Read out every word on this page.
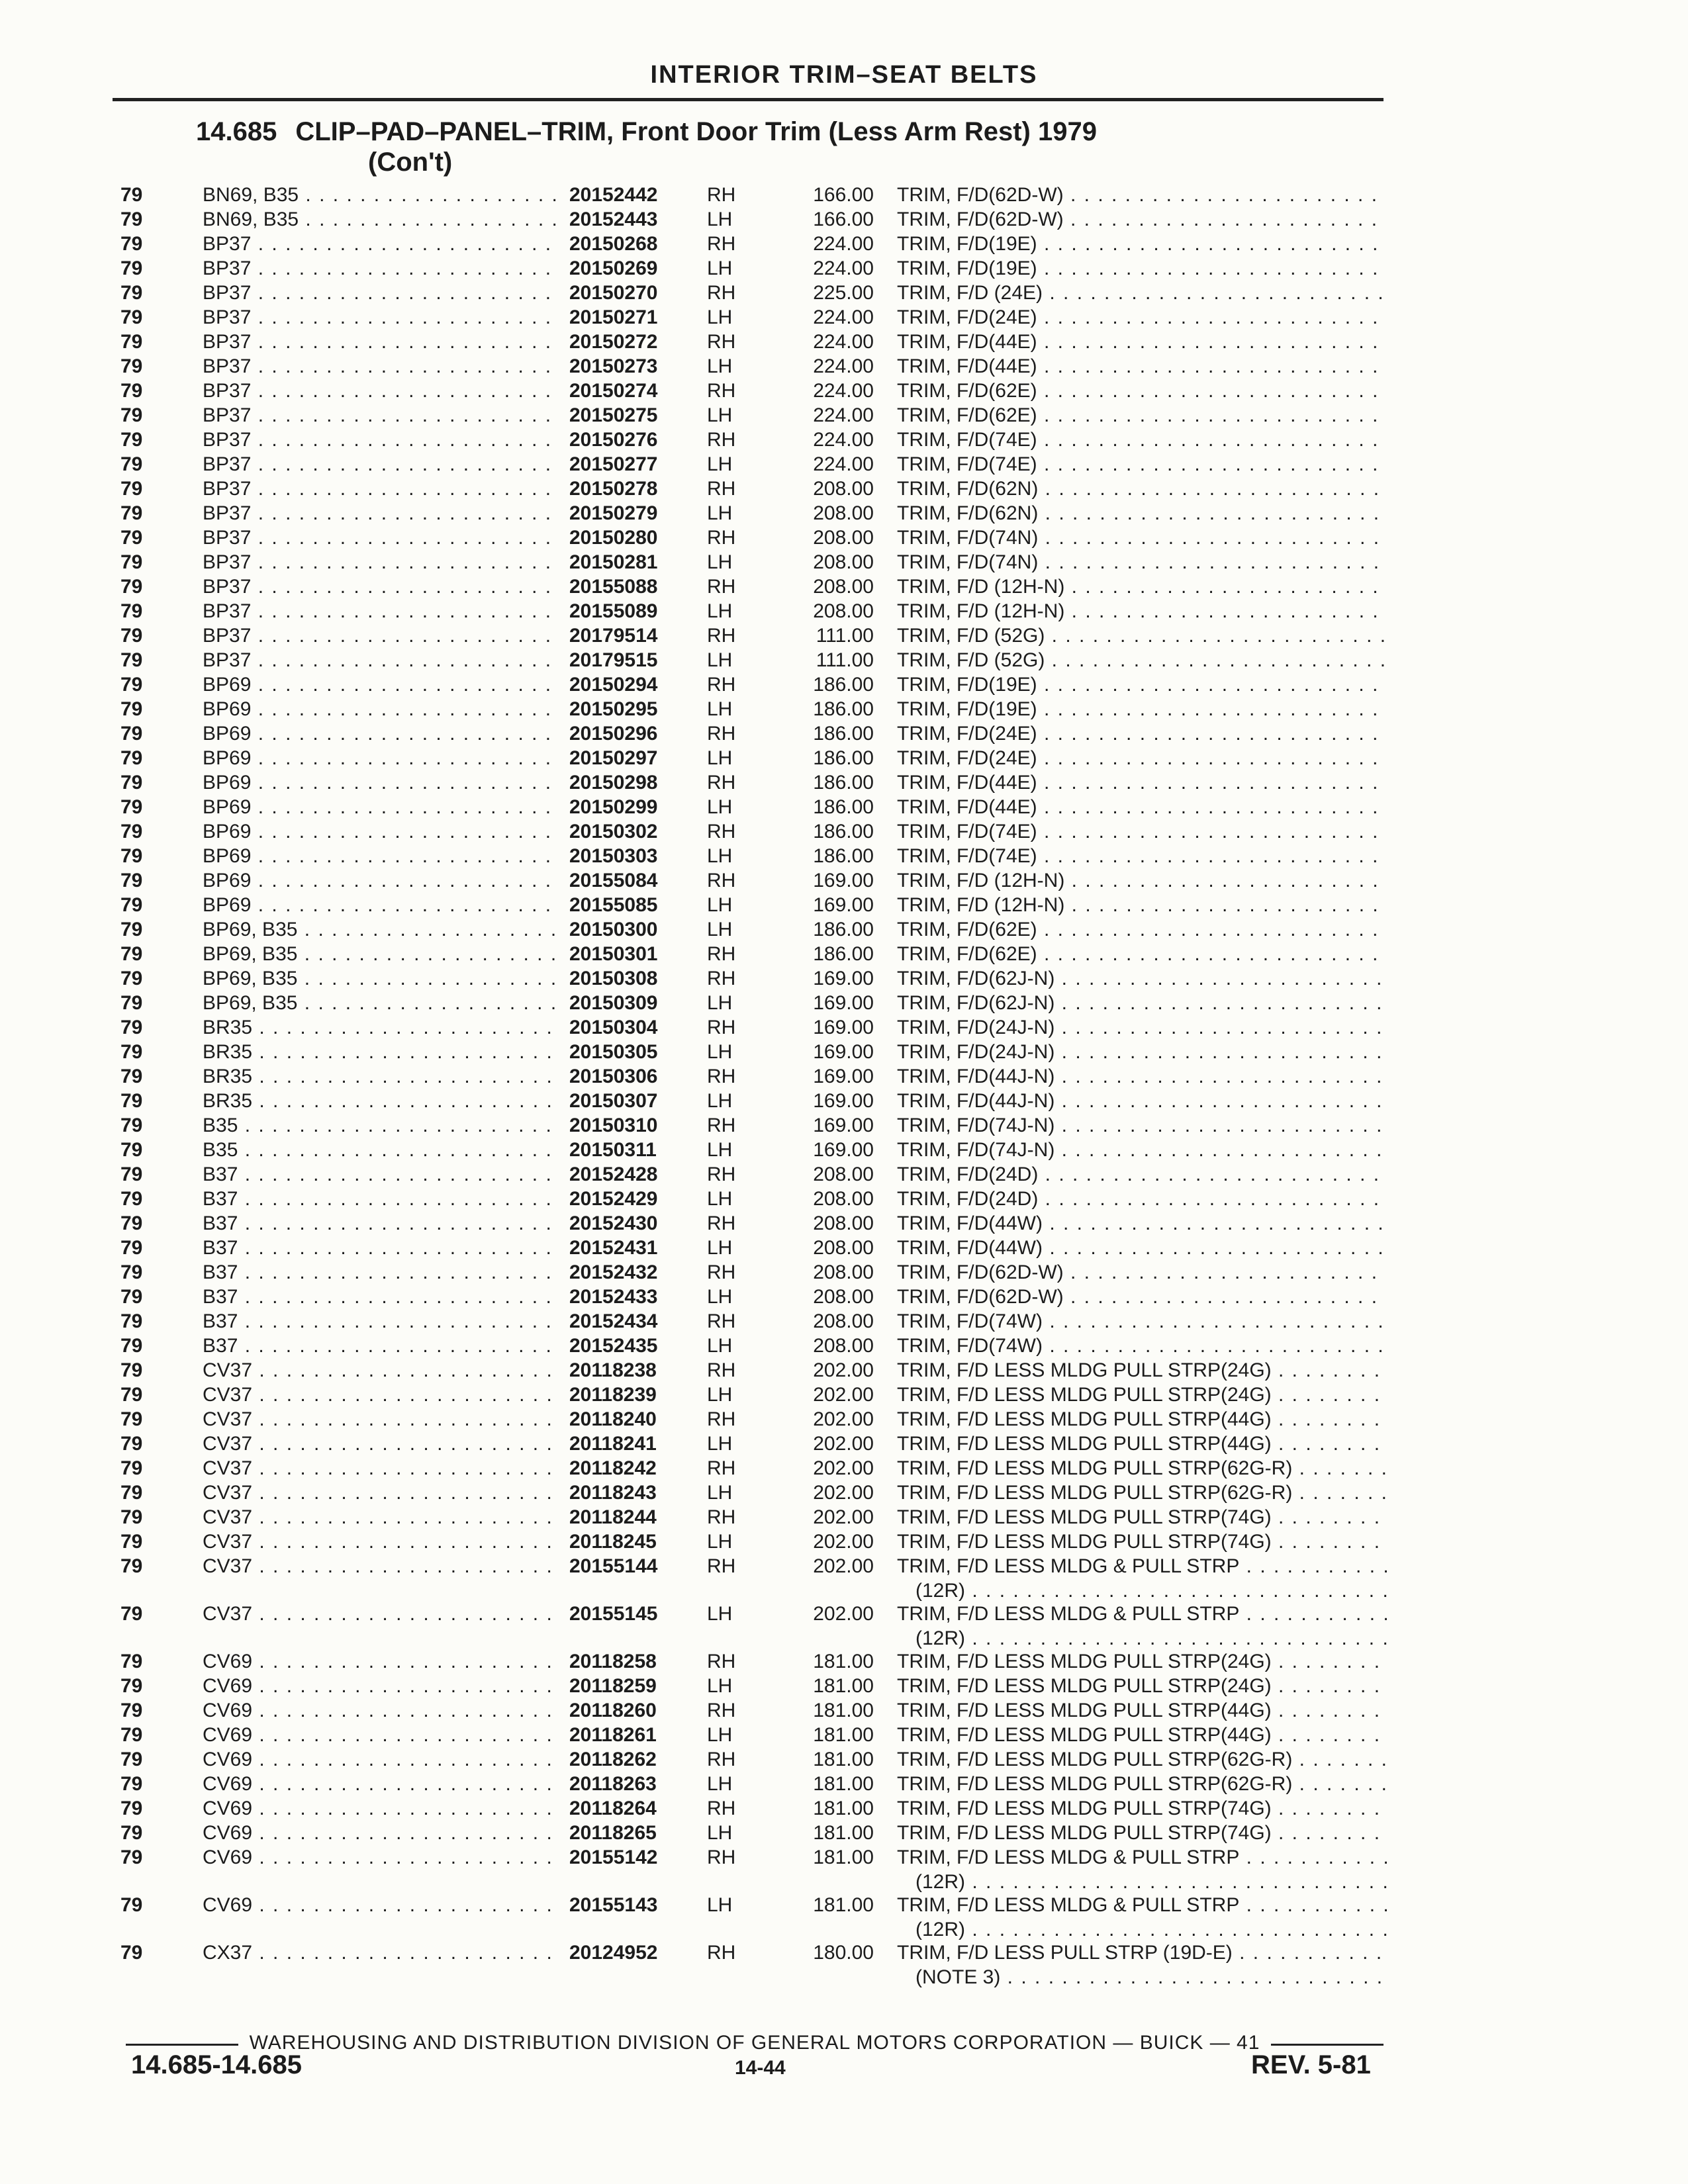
INTERIOR TRIM–SEAT BELTS
14.685 CLIP–PAD–PANEL–TRIM, Front Door Trim (Less Arm Rest) 1979
(Con't)
79	BN69, B35 . . .	20152442 RH	166.00 TRIM, F/D(62D-W) . . .
79	BN69, B35 . . .	20152443 LH	166.00 TRIM, F/D(62D-W) . . .
79	BP37 . . .	20150268 RH	224.00 TRIM, F/D(19E) . . .
79	BP37 . . .	20150269 LH	224.00 TRIM, F/D(19E) . . .
79	BP37 . . .	20150270 RH	225.00 TRIM, F/D (24E) . . .
79	BP37 . . .	20150271 LH	224.00 TRIM, F/D(24E) . . .
79	BP37 . . .	20150272 RH	224.00 TRIM, F/D(44E) . . .
79	BP37 . . .	20150273 LH	224.00 TRIM, F/D(44E) . . .
79	BP37 . . .	20150274 RH	224.00 TRIM, F/D(62E) . . .
79	BP37 . . .	20150275 LH	224.00 TRIM, F/D(62E) . . .
79	BP37 . . .	20150276 RH	224.00 TRIM, F/D(74E) . . .
79	BP37 . . .	20150277 LH	224.00 TRIM, F/D(74E) . . .
79	BP37 . . .	20150278 RH	208.00 TRIM, F/D(62N) . . .
79	BP37 . . .	20150279 LH	208.00 TRIM, F/D(62N) . . .
79	BP37 . . .	20150280 RH	208.00 TRIM, F/D(74N) . . .
79	BP37 . . .	20150281 LH	208.00 TRIM, F/D(74N) . . .
79	BP37 . . .	20155088 RH	208.00 TRIM, F/D (12H-N) . . .
79	BP37 . . .	20155089 LH	208.00 TRIM, F/D (12H-N) . . .
79	BP37 . . .	20179514 RH	111.00 TRIM, F/D (52G) . . .
79	BP37 . . .	20179515 LH	111.00 TRIM, F/D (52G) . . .
79	BP69 . . .	20150294 RH	186.00 TRIM, F/D(19E) . . .
79	BP69 . . .	20150295 LH	186.00 TRIM, F/D(19E) . . .
79	BP69 . . .	20150296 RH	186.00 TRIM, F/D(24E) . . .
79	BP69 . . .	20150297 LH	186.00 TRIM, F/D(24E) . . .
79	BP69 . . .	20150298 RH	186.00 TRIM, F/D(44E) . . .
79	BP69 . . .	20150299 LH	186.00 TRIM, F/D(44E) . . .
79	BP69 . . .	20150302 RH	186.00 TRIM, F/D(74E) . . .
79	BP69 . . .	20150303 LH	186.00 TRIM, F/D(74E) . . .
79	BP69 . . .	20155084 RH	169.00 TRIM, F/D (12H-N) . . .
79	BP69 . . .	20155085 LH	169.00 TRIM, F/D (12H-N) . . .
79	BP69, B35 . . .	20150300 LH	186.00 TRIM, F/D(62E) . . .
79	BP69, B35 . . .	20150301 RH	186.00 TRIM, F/D(62E) . . .
79	BP69, B35 . . .	20150308 RH	169.00 TRIM, F/D(62J-N) . . .
79	BP69, B35 . . .	20150309 LH	169.00 TRIM, F/D(62J-N) . . .
79	BR35 . . .	20150304 RH	169.00 TRIM, F/D(24J-N) . . .
79	BR35 . . .	20150305 LH	169.00 TRIM, F/D(24J-N) . . .
79	BR35 . . .	20150306 RH	169.00 TRIM, F/D(44J-N) . . .
79	BR35 . . .	20150307 LH	169.00 TRIM, F/D(44J-N) . . .
79	B35 . . .	20150310 RH	169.00 TRIM, F/D(74J-N) . . .
79	B35 . . .	20150311	LH	169.00 TRIM, F/D(74J-N) . . .
79	B37 . . .	20152428 RH	208.00 TRIM, F/D(24D) . . .
79	B37 . . .	20152429 LH	208.00 TRIM, F/D(24D) . . .
79	B37 . . .	20152430 RH	208.00 TRIM, F/D(44W) . . .
79	B37 . . .	20152431 LH	208.00 TRIM, F/D(44W) . . .
79	B37 . . .	20152432 RH	208.00 TRIM, F/D(62D-W) . . .
79	B37 . . .	20152433 LH	208.00 TRIM, F/D(62D-W) . . .
79	B37 . . .	20152434 RH	208.00 TRIM, F/D(74W) . . .
79	B37 . . .	20152435 LH	208.00 TRIM, F/D(74W) . . .
79	CV37 . . .	20118238	RH	202.00 TRIM, F/D LESS MLDG PULL STRP(24G) . . .
79	CV37 . . .	20118239	LH	202.00 TRIM, F/D LESS MLDG PULL STRP(24G) . . .
79	CV37 . . .	20118240	RH	202.00 TRIM, F/D LESS MLDG PULL STRP(44G) . . .
79	CV37 . . .	20118241	LH	202.00 TRIM, F/D LESS MLDG PULL STRP(44G) . . .
79	CV37 . . .	20118242	RH	202.00 TRIM, F/D LESS MLDG PULL STRP(62G-R) . . .
79	CV37 . . .	20118243	LH	202.00 TRIM, F/D LESS MLDG PULL STRP(62G-R) . . .
79	CV37 . . .	20118244	RH	202.00 TRIM, F/D LESS MLDG PULL STRP(74G) . . .
79	CV37 . . .	20118245	LH	202.00 TRIM, F/D LESS MLDG PULL STRP(74G) . . .
79	CV37 . . .	20155144 RH	202.00 TRIM, F/D LESS MLDG & PULL STRP . . .
(12R) . . .
79	CV37 . . .	20155145 LH	202.00 TRIM, F/D LESS MLDG & PULL STRP . . .
(12R) . . .
79	CV69 . . .	20118258	RH	181.00 TRIM, F/D LESS MLDG PULL STRP(24G) . . .
79	CV69 . . .	20118259	LH	181.00 TRIM, F/D LESS MLDG PULL STRP(24G) . . .
79	CV69 . . .	20118260	RH	181.00 TRIM, F/D LESS MLDG PULL STRP(44G) . . .
79	CV69 . . .	20118261	LH	181.00 TRIM, F/D LESS MLDG PULL STRP(44G) . . .
79	CV69 . . .	20118262	RH	181.00 TRIM, F/D LESS MLDG PULL STRP(62G-R) . . .
79	CV69 . . .	20118263	LH	181.00 TRIM, F/D LESS MLDG PULL STRP(62G-R) . . .
79	CV69 . . .	20118264	RH	181.00 TRIM, F/D LESS MLDG PULL STRP(74G) . . .
79	CV69 . . .	20118265	LH	181.00 TRIM, F/D LESS MLDG PULL STRP(74G) . . .
79	CV69 . . .	20155142 RH	181.00 TRIM, F/D LESS MLDG & PULL STRP . . .
(12R) . . .
79	CV69 . . .	20155143 LH	181.00 TRIM, F/D LESS MLDG & PULL STRP . . .
(12R) . . .
79	CX37 . . .	20124952 RH	180.00 TRIM, F/D LESS PULL STRP (19D-E) . . .
(NOTE 3) . . .
WAREHOUSING AND DISTRIBUTION DIVISION OF GENERAL MOTORS CORPORATION — BUICK — 41
14.685-14.685	14-44	REV. 5-81
